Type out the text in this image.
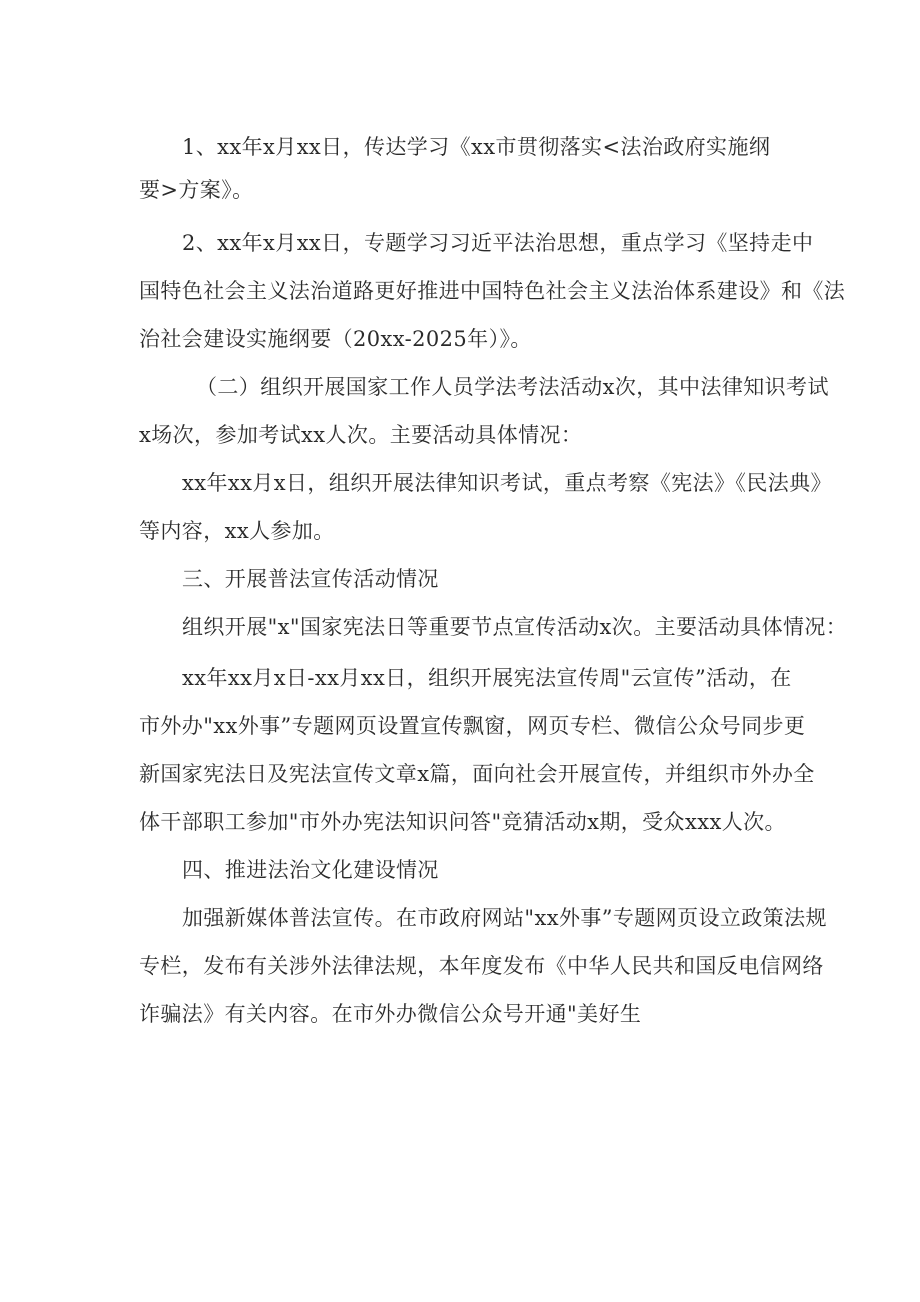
1、xx年x月xx日，传达学习《xx市贯彻落实<法治政府实施纲
要>方案》。
2、xx年x月xx日，专题学习习近平法治思想，重点学习《坚持走中
国特色社会主义法治道路更好推进中国特色社会主义法治体系建设》和《法
治社会建设实施纲要（20xx-2025年）》。
（二）组织开展国家工作人员学法考法活动x次，其中法律知识考试
x场次，参加考试xx人次。主要活动具体情况：
xx年xx月x日，组织开展法律知识考试，重点考察《宪法》《民法典》
等内容，xx人参加。
三、开展普法宣传活动情况
组织开展"x"国家宪法日等重要节点宣传活动x次。主要活动具体情况：
xx年xx月x日-xx月xx日，组织开展宪法宣传周"云宣传”活动，在
市外办"xx外事”专题网页设置宣传飘窗，网页专栏、微信公众号同步更
新国家宪法日及宪法宣传文章x篇，面向社会开展宣传，并组织市外办全
体干部职工参加"市外办宪法知识问答"竞猜活动x期，受众xxx人次。
四、推进法治文化建设情况
加强新媒体普法宣传。在市政府网站"xx外事”专题网页设立政策法规
专栏，发布有关涉外法律法规，本年度发布《中华人民共和国反电信网络
诈骗法》有关内容。在市外办微信公众号开通"美好生
